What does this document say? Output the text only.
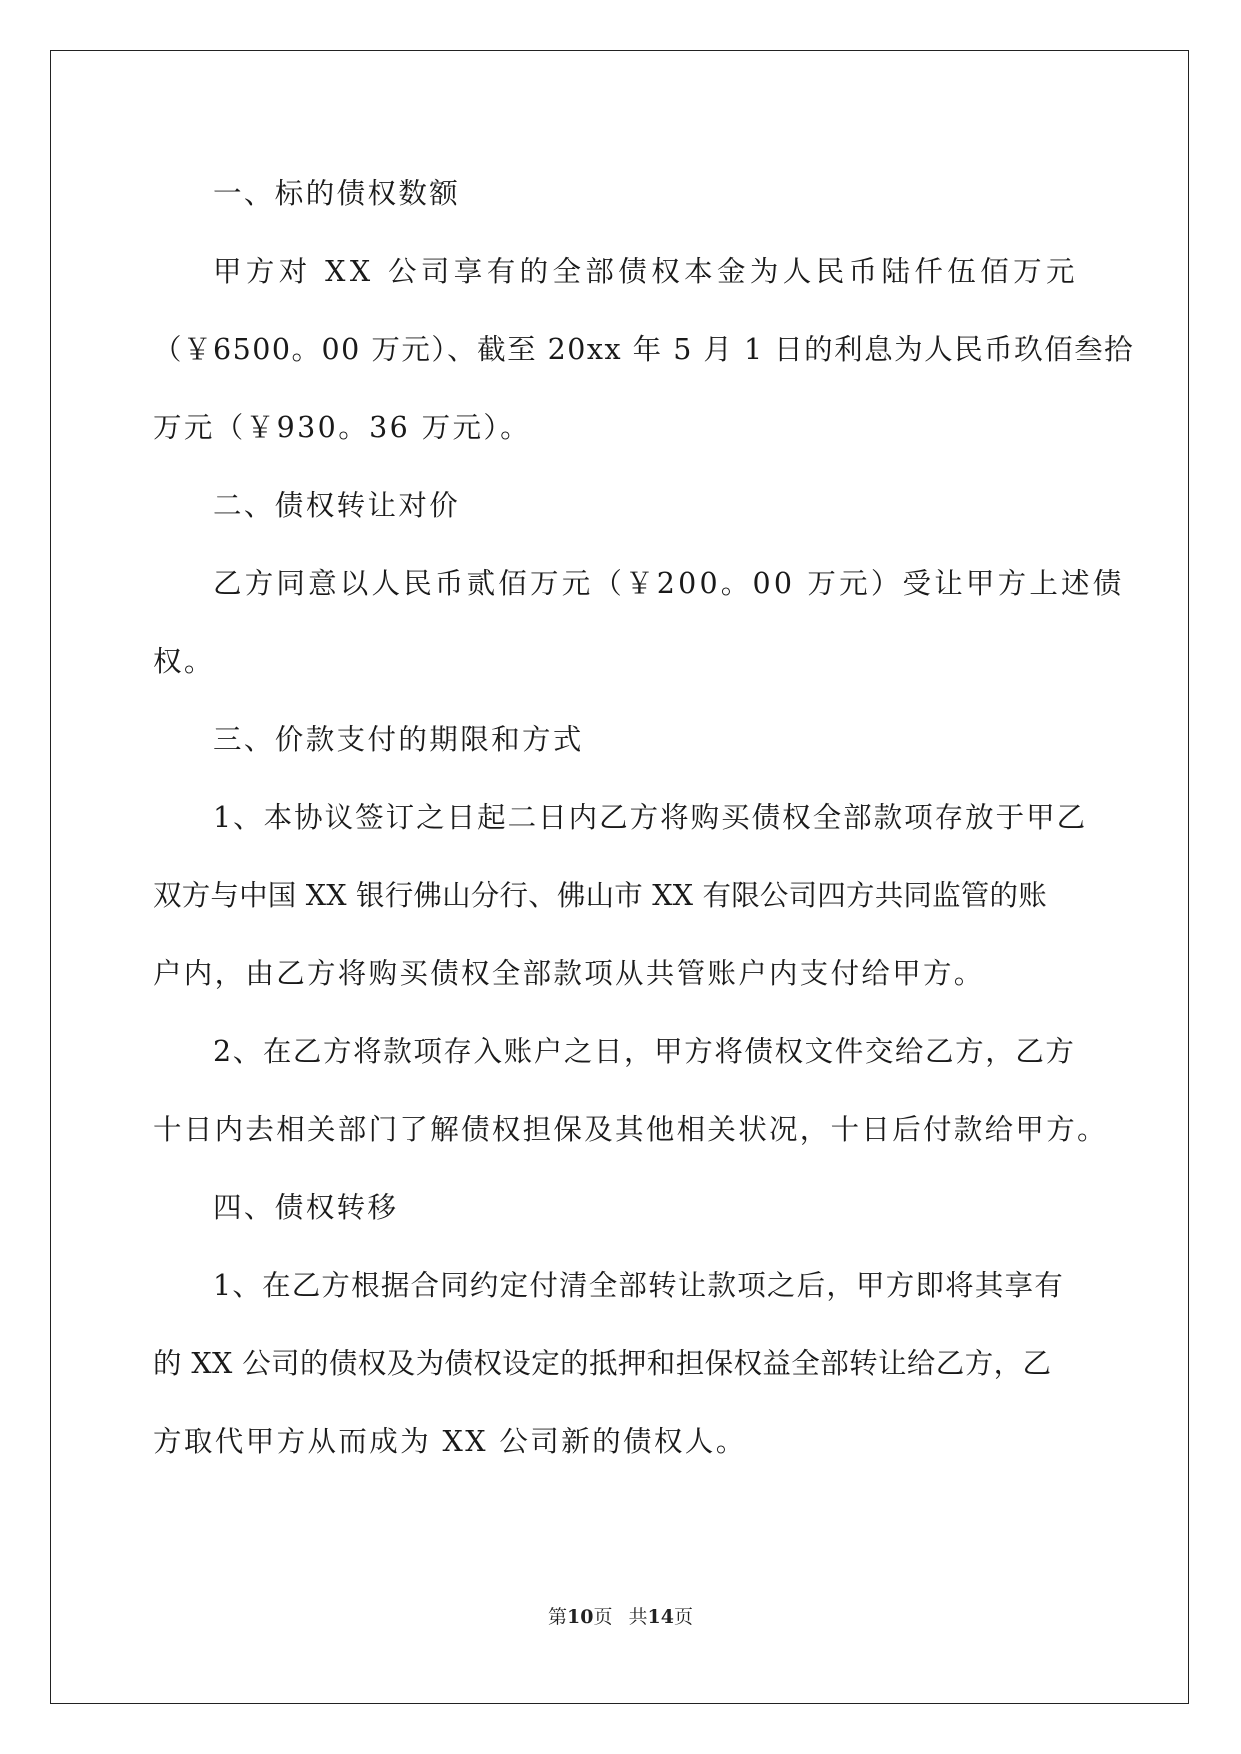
一、标的债权数额
甲方对 XX 公司享有的全部债权本金为人民币陆仟伍佰万元
（￥6500。00 万元）、截至 20xx 年 5 月 1 日的利息为人民币玖佰叁拾
万元（￥930。36 万元）。
二、债权转让对价
乙方同意以人民币贰佰万元（￥200。00 万元）受让甲方上述债
权。
三、价款支付的期限和方式
1、本协议签订之日起二日内乙方将购买债权全部款项存放于甲乙
双方与中国 XX 银行佛山分行、佛山市 XX 有限公司四方共同监管的账
户内，由乙方将购买债权全部款项从共管账户内支付给甲方。
2、在乙方将款项存入账户之日，甲方将债权文件交给乙方，乙方
十日内去相关部门了解债权担保及其他相关状况，十日后付款给甲方。
四、债权转移
1、在乙方根据合同约定付清全部转让款项之后，甲方即将其享有
的 XX 公司的债权及为债权设定的抵押和担保权益全部转让给乙方，乙
方取代甲方从而成为 XX 公司新的债权人。
第10页 共14页
